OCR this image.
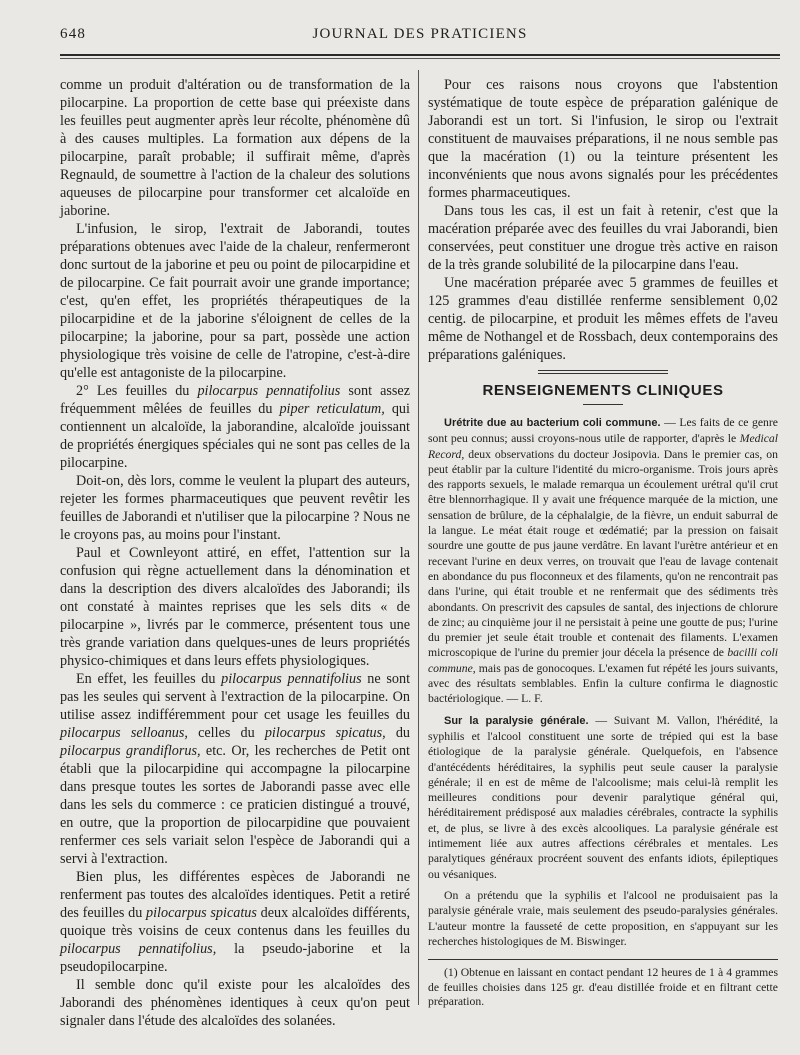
648	JOURNAL DES PRATICIENS

comme un produit d'altération ou de transformation de la pilocarpine. La proportion de cette base qui préexiste dans les feuilles peut augmenter après leur récolte, phénomène dû à des causes multiples. La formation aux dépens de la pilocarpine, paraît probable; il suffirait même, d'après Regnauld, de soumettre à l'action de la chaleur des solutions aqueuses de pilocarpine pour transformer cet alcaloïde en jaborine.

L'infusion, le sirop, l'extrait de Jaborandi, toutes préparations obtenues avec l'aide de la chaleur, renfermeront donc surtout de la jaborine et peu ou point de pilocarpidine et de pilocarpine. Ce fait pourrait avoir une grande importance; c'est, qu'en effet, les propriétés thérapeutiques de la pilocarpidine et de la jaborine s'éloignent de celles de la pilocarpine; la jaborine, pour sa part, possède une action physiologique très voisine de celle de l'atropine, c'est-à-dire qu'elle est antagoniste de la pilocarpine.

2° Les feuilles du pilocarpus pennatifolius sont assez fréquemment mêlées de feuilles du piper reticulatum, qui contiennent un alcaloïde, la jaborandine, alcaloïde jouissant de propriétés énergiques spéciales qui ne sont pas celles de la pilocarpine.

Doit-on, dès lors, comme le veulent la plupart des auteurs, rejeter les formes pharmaceutiques que peuvent revêtir les feuilles de Jaborandi et n'utiliser que la pilocarpine ? Nous ne le croyons pas, au moins pour l'instant.

Paul et Cownleyont attiré, en effet, l'attention sur la confusion qui règne actuellement dans la dénomination et dans la description des divers alcaloïdes des Jaborandi; ils ont constaté à maintes reprises que les sels dits « de pilocarpine », livrés par le commerce, présentent tous une très grande variation dans quelques-unes de leurs propriétés physico-chimiques et dans leurs effets physiologiques.

En effet, les feuilles du pilocarpus pennatifolius ne sont pas les seules qui servent à l'extraction de la pilocarpine. On utilise assez indifféremment pour cet usage les feuilles du pilocarpus selloanus, celles du pilocarpus spicatus, du pilocarpus grandiflorus, etc. Or, les recherches de Petit ont établi que la pilocarpidine qui accompagne la pilocarpine dans presque toutes les sortes de Jaborandi passe avec elle dans les sels du commerce : ce praticien distingué a trouvé, en outre, que la proportion de pilocarpidine que pouvaient renfermer ces sels variait selon l'espèce de Jaborandi qui a servi à l'extraction.

Bien plus, les différentes espèces de Jaborandi ne renferment pas toutes des alcaloïdes identiques. Petit a retiré des feuilles du pilocarpus spicatus deux alcaloïdes différents, quoique très voisins de ceux contenus dans les feuilles du pilocarpus pennatifolius, la pseudo-jaborine et la pseudopilocarpine.

Il semble donc qu'il existe pour les alcaloïdes des Jaborandi des phénomènes identiques à ceux qu'on peut signaler dans l'étude des alcaloïdes des solanées.

Pour ces raisons nous croyons que l'abstention systématique de toute espèce de préparation galénique de Jaborandi est un tort. Si l'infusion, le sirop ou l'extrait constituent de mauvaises préparations, il ne nous semble pas que la macération (1) ou la teinture présentent les inconvénients que nous avons signalés pour les précédentes formes pharmaceutiques.

Dans tous les cas, il est un fait à retenir, c'est que la macération préparée avec des feuilles du vrai Jaborandi, bien conservées, peut constituer une drogue très active en raison de la très grande solubilité de la pilocarpine dans l'eau.

Une macération préparée avec 5 grammes de feuilles et 125 grammes d'eau distillée renferme sensiblement 0,02 centig. de pilocarpine, et produit les mêmes effets de l'aveu même de Nothangel et de Rossbach, deux contemporains des préparations galéniques.

RENSEIGNEMENTS CLINIQUES

Urétrite due au bacterium coli commune. — Les faits de ce genre sont peu connus; aussi croyons-nous utile de rapporter, d'après le Medical Record, deux observations du docteur Josipovia. Dans le premier cas, on peut établir par la culture l'identité du micro-organisme. Trois jours après des rapports sexuels, le malade remarqua un écoulement urétral qu'il crut être blennorrhagique. Il y avait une fréquence marquée de la miction, une sensation de brûlure, de la céphalalgie, de la fièvre, un enduit saburral de la langue. Le méat était rouge et œdématié; par la pression on faisait sourdre une goutte de pus jaune verdâtre. En lavant l'urètre antérieur et en recevant l'urine en deux verres, on trouvait que l'eau de lavage contenait en abondance du pus floconneux et des filaments, qu'on ne rencontrait pas dans l'urine, qui était trouble et ne renfermait que des sédiments très abondants. On prescrivit des capsules de santal, des injections de chlorure de zinc; au cinquième jour il ne persistait à peine une goutte de pus; l'urine du premier jet seule était trouble et contenait des filaments. L'examen microscopique de l'urine du premier jour décela la présence de bacilli coli commune, mais pas de gonocoques. L'examen fut répété les jours suivants, avec des résultats semblables. Enfin la culture confirma le diagnostic bactériologique. — L. F.

Sur la paralysie générale. — Suivant M. Vallon, l'hérédité, la syphilis et l'alcool constituent une sorte de trépied qui est la base étiologique de la paralysie générale. Quelquefois, en l'absence d'antécédents héréditaires, la syphilis peut seule causer la paralysie générale; il en est de même de l'alcoolisme; mais celui-là remplit les meilleures conditions pour devenir paralytique général qui, héréditairement prédisposé aux maladies cérébrales, contracte la syphilis et, de plus, se livre à des excès alcooliques. La paralysie générale est intimement liée aux autres affections cérébrales et mentales. Les paralytiques généraux procréent souvent des enfants idiots, épileptiques ou vésaniques.

On a prétendu que la syphilis et l'alcool ne produisaient pas la paralysie générale vraie, mais seulement des pseudo-paralysies générales. L'auteur montre la fausseté de cette proposition, en s'appuyant sur les recherches histologiques de M. Biswinger.

(1) Obtenue en laissant en contact pendant 12 heures de 1 à 4 grammes de feuilles choisies dans 125 gr. d'eau distillée froide et en filtrant cette préparation.
